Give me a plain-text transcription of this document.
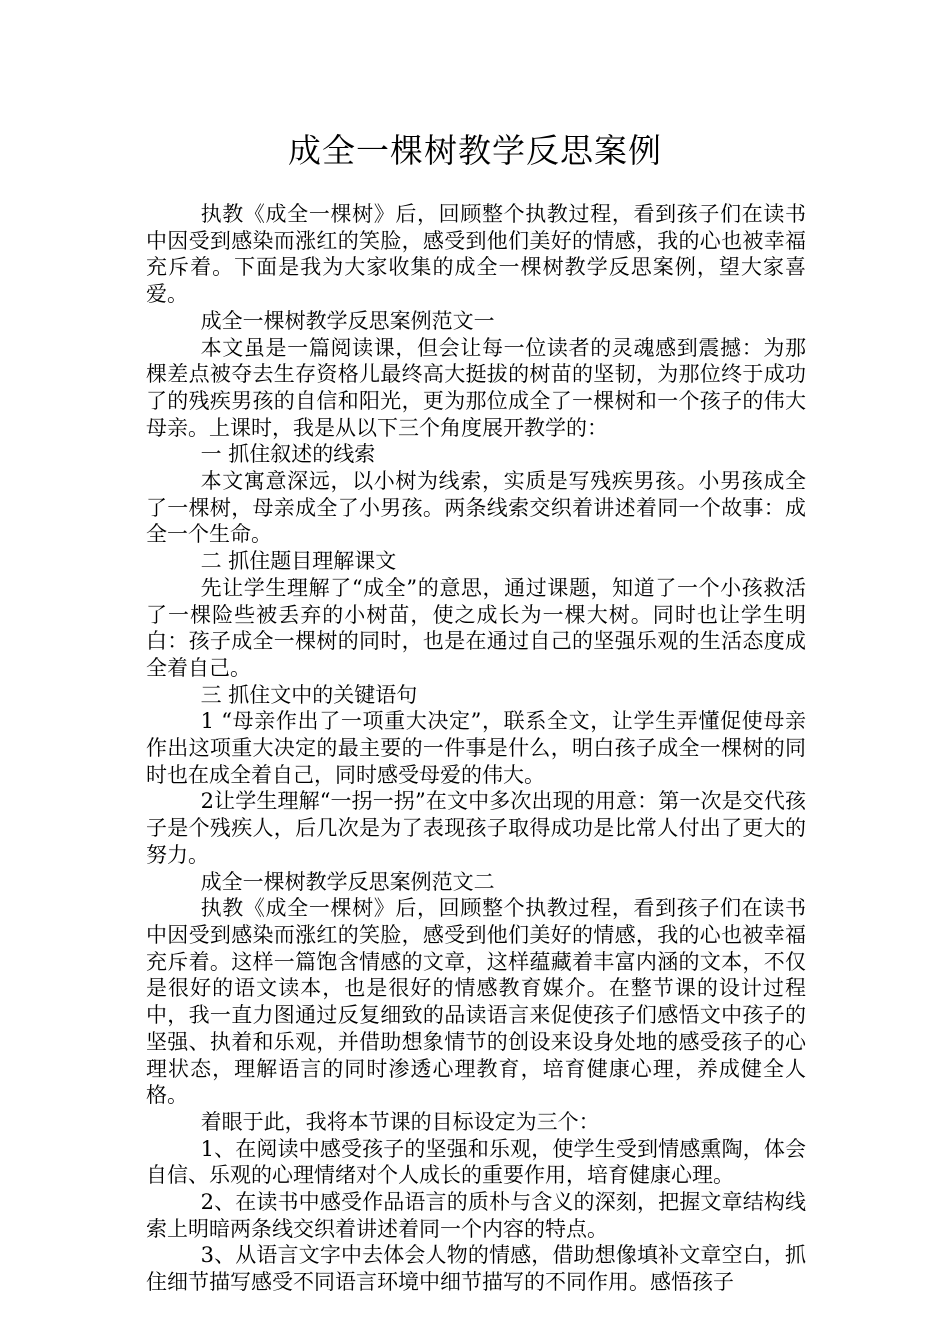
成全一棵树教学反思案例

执教《成全一棵树》后，回顾整个执教过程，看到孩子们在读书中因受到感染而涨红的笑脸，感受到他们美好的情感，我的心也被幸福充斥着。下面是我为大家收集的成全一棵树教学反思案例，望大家喜爱。

成全一棵树教学反思案例范文一

本文虽是一篇阅读课，但会让每一位读者的灵魂感到震撼：为那棵差点被夺去生存资格儿最终高大挺拔的树苗的坚韧，为那位终于成功了的残疾男孩的自信和阳光，更为那位成全了一棵树和一个孩子的伟大母亲。上课时，我是从以下三个角度展开教学的：

一 抓住叙述的线索

本文寓意深远，以小树为线索，实质是写残疾男孩。小男孩成全了一棵树，母亲成全了小男孩。两条线索交织着讲述着同一个故事：成全一个生命。

二 抓住题目理解课文

先让学生理解了“成全”的意思，通过课题，知道了一个小孩救活了一棵险些被丢弃的小树苗，使之成长为一棵大树。同时也让学生明白：孩子成全一棵树的同时，也是在通过自己的坚强乐观的生活态度成全着自己。

三 抓住文中的关键语句

1 “母亲作出了一项重大决定”，联系全文，让学生弄懂促使母亲作出这项重大决定的最主要的一件事是什么，明白孩子成全一棵树的同时也在成全着自己，同时感受母爱的伟大。

2让学生理解“一拐一拐”在文中多次出现的用意：第一次是交代孩子是个残疾人，后几次是为了表现孩子取得成功是比常人付出了更大的努力。

成全一棵树教学反思案例范文二

执教《成全一棵树》后，回顾整个执教过程，看到孩子们在读书中因受到感染而涨红的笑脸，感受到他们美好的情感，我的心也被幸福充斥着。这样一篇饱含情感的文章，这样蕴藏着丰富内涵的文本，不仅是很好的语文读本，也是很好的情感教育媒介。在整节课的设计过程中，我一直力图通过反复细致的品读语言来促使孩子们感悟文中孩子的坚强、执着和乐观，并借助想象情节的创设来设身处地的感受孩子的心理状态，理解语言的同时渗透心理教育，培育健康心理，养成健全人格。

着眼于此，我将本节课的目标设定为三个：

1、在阅读中感受孩子的坚强和乐观，使学生受到情感熏陶，体会自信、乐观的心理情绪对个人成长的重要作用，培育健康心理。

2、在读书中感受作品语言的质朴与含义的深刻，把握文章结构线索上明暗两条线交织着讲述着同一个内容的特点。

3、从语言文字中去体会人物的情感，借助想像填补文章空白，抓住细节描写感受不同语言环境中细节描写的不同作用。感悟孩子
